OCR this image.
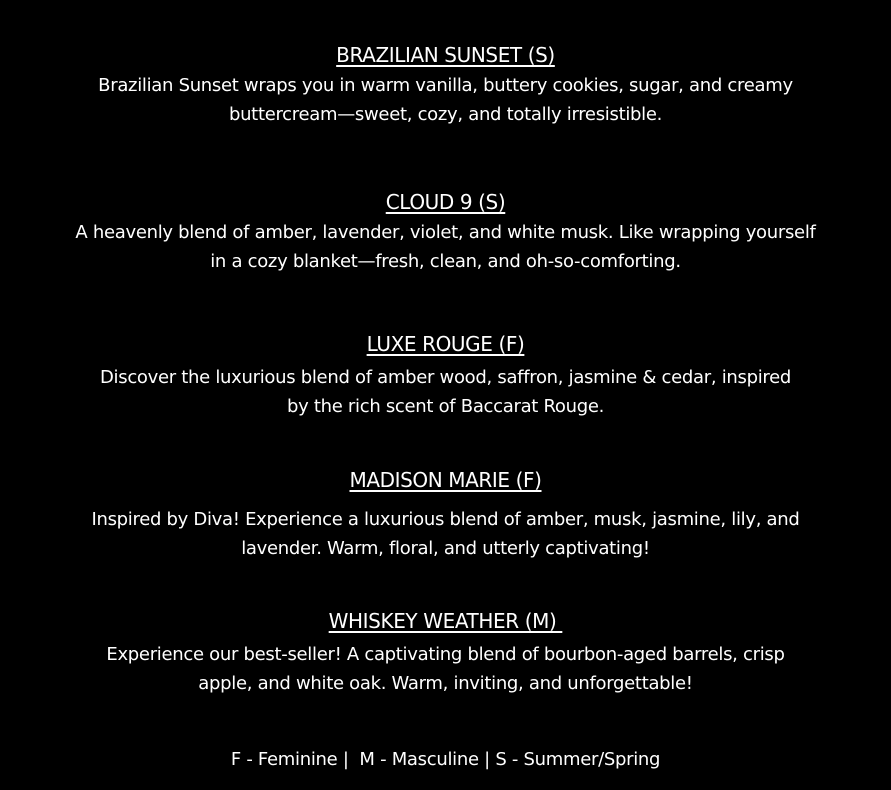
BRAZILIAN SUNSET (S)
Brazilian Sunset wraps you in warm vanilla, buttery cookies, sugar, and creamy
buttercream—sweet, cozy, and totally irresistible.
CLOUD 9 (S)
A heavenly blend of amber, lavender, violet, and white musk. Like wrapping yourself
in a cozy blanket—fresh, clean, and oh-so-comforting.
LUXE ROUGE (F)
Discover the luxurious blend of amber wood, saffron, jasmine & cedar, inspired
by the rich scent of Baccarat Rouge.
MADISON MARIE (F)
Inspired by Diva! Experience a luxurious blend of amber, musk, jasmine, lily, and
lavender. Warm, floral, and utterly captivating!
WHISKEY WEATHER (M)
Experience our best-seller! A captivating blend of bourbon-aged barrels, crisp
apple, and white oak. Warm, inviting, and unforgettable!
F - Feminine |  M - Masculine | S - Summer/Spring
